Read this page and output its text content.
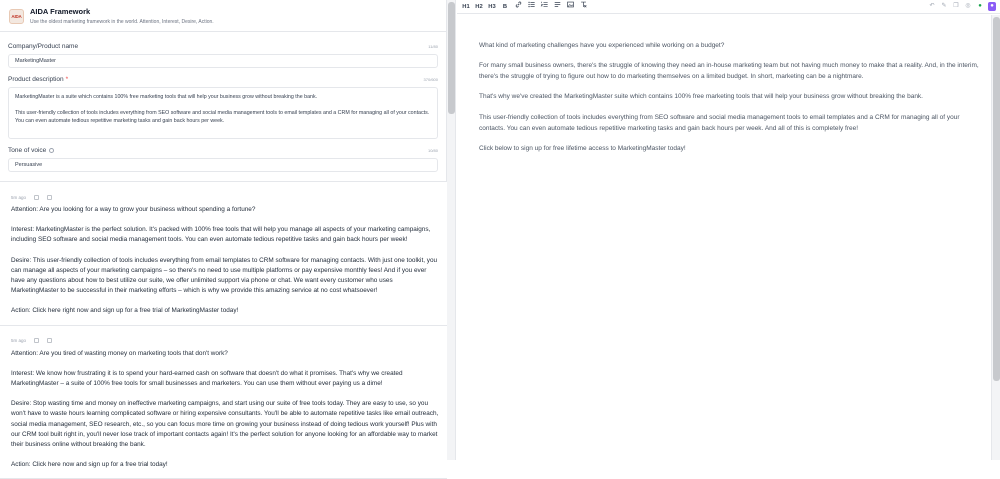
AIDA
AIDA Framework
Use the oldest marketing framework in the world. Attention, Interest, Desire, Action.
Company/Product name	11/80
MarketingMaster
Product description *	370/600

MarketingMaster is a suite which contains 100% free marketing tools that will help your business grow without breaking the bank.

This user-friendly collection of tools includes everything from SEO software and social media management tools to email templates and a CRM for managing all of your contacts. You can even automate tedious repetitive marketing tasks and gain back hours per week.

Tone of voice	10/80
Persuasive
5m ago

Attention: Are you looking for a way to grow your business without spending a fortune?

Interest: MarketingMaster is the perfect solution. It's packed with 100% free tools that will help you manage all aspects of your marketing campaigns, including SEO software and social media management tools. You can even automate tedious repetitive tasks and gain back hours per week!

Desire: This user-friendly collection of tools includes everything from email templates to CRM software for managing contacts. With just one toolkit, you can manage all aspects of your marketing campaigns – so there's no need to use multiple platforms or pay expensive monthly fees! And if you ever have any questions about how to best utilize our suite, we offer unlimited support via phone or chat. We want every customer who uses MarketingMaster to be successful in their marketing efforts – which is why we provide this amazing service at no cost whatsoever!

Action: Click here right now and sign up for a free trial of MarketingMaster today!

5m ago

Attention: Are you tired of wasting money on marketing tools that don't work?

Interest: We know how frustrating it is to spend your hard-earned cash on software that doesn't do what it promises. That's why we created MarketingMaster – a suite of 100% free tools for small businesses and marketers. You can use them without ever paying us a dime!

Desire: Stop wasting time and money on ineffective marketing campaigns, and start using our suite of free tools today. They are easy to use, so you won't have to waste hours learning complicated software or hiring expensive consultants. You'll be able to automate repetitive tasks like email outreach, social media management, SEO research, etc., so you can focus more time on growing your business instead of doing tedious work yourself! Plus with our CRM tool built right in, you'll never lose track of important contacts again! It's the perfect solution for anyone looking for an affordable way to market their business online without breaking the bank.

Action: Click here now and sign up for a free trial today!

H1 H2 H3	B	↶ ✎ ❐ ◎	●	●

What kind of marketing challenges have you experienced while working on a budget?

For many small business owners, there's the struggle of knowing they need an in-house marketing team but not having much money to make that a reality. And, in the interim, there's the struggle of trying to figure out how to do marketing themselves on a limited budget. In short, marketing can be a nightmare.

That's why we've created the MarketingMaster suite which contains 100% free marketing tools that will help your business grow without breaking the bank.

This user-friendly collection of tools includes everything from SEO software and social media management tools to email templates and a CRM for managing all of your contacts. You can even automate tedious repetitive marketing tasks and gain back hours per week. And all of this is completely free!

Click below to sign up for free lifetime access to MarketingMaster today!
